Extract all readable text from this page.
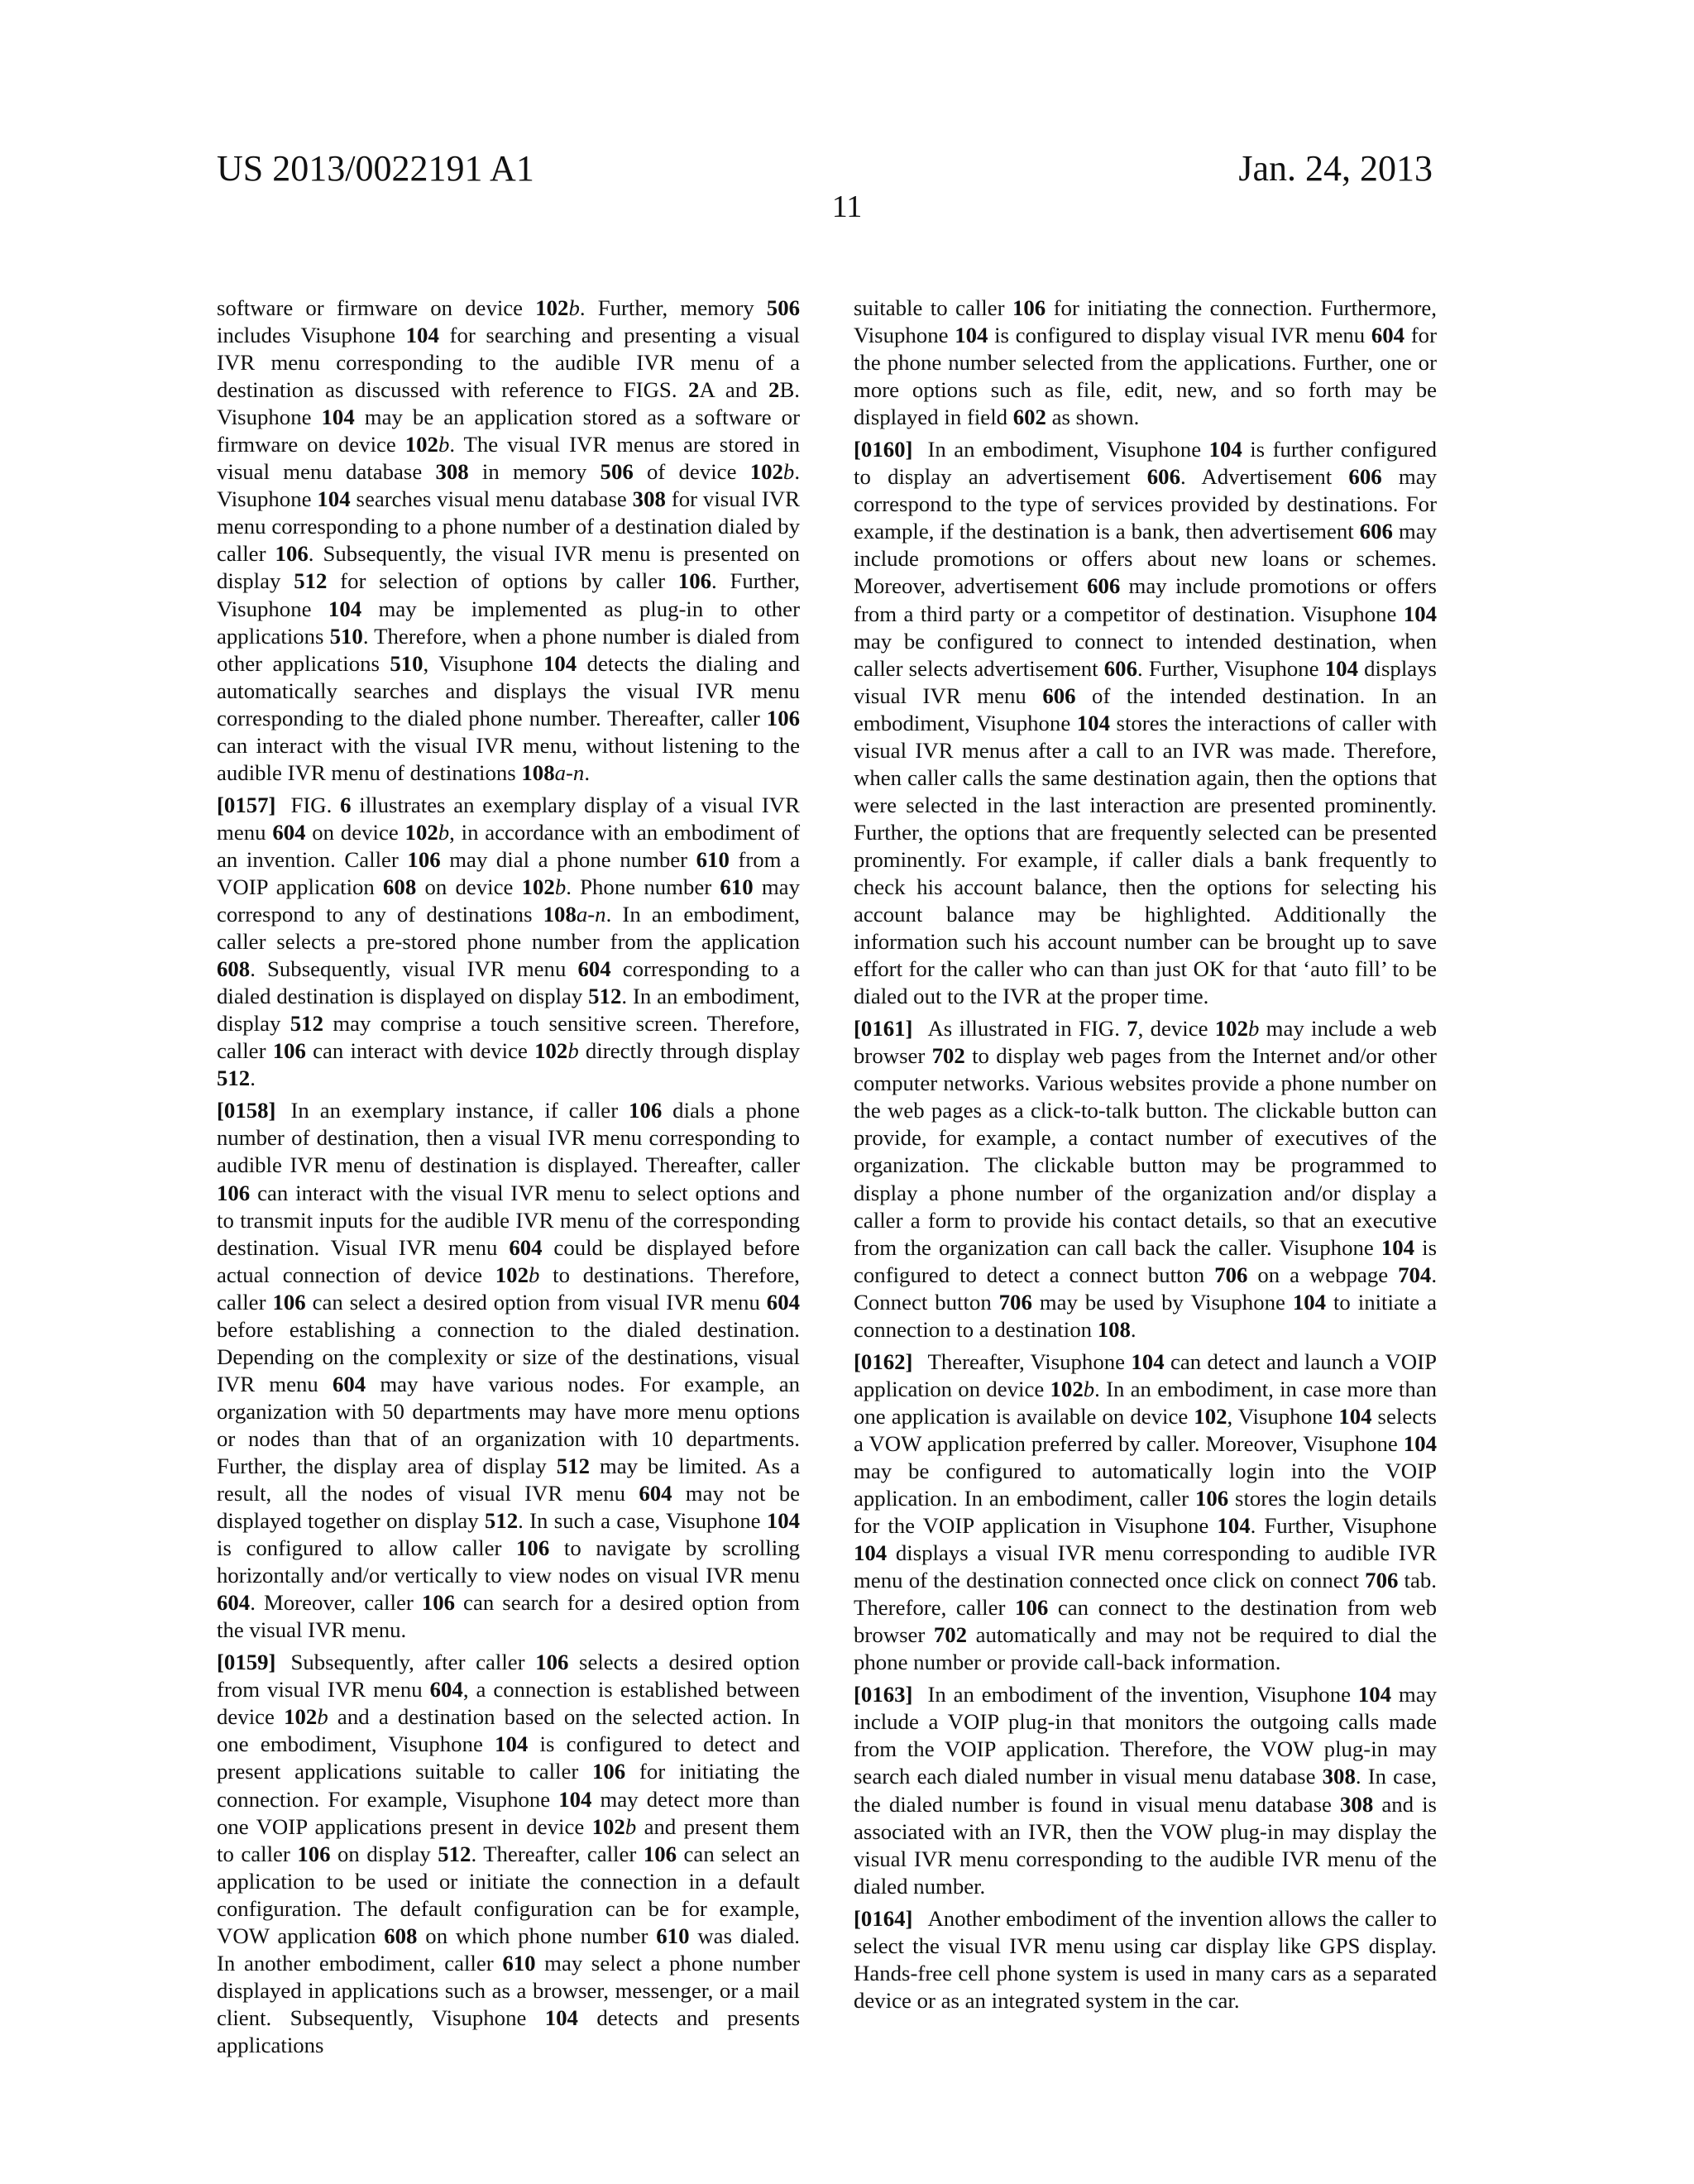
US 2013/0022191 A1	Jan. 24, 2013
11

software or firmware on device 102b. Further, memory 506 includes Visuphone 104 for searching and presenting a visual IVR menu corresponding to the audible IVR menu of a destination as discussed with reference to FIGS. 2A and 2B. Visuphone 104 may be an application stored as a software or firmware on device 102b. The visual IVR menus are stored in visual menu database 308 in memory 506 of device 102b. Visuphone 104 searches visual menu database 308 for visual IVR menu corresponding to a phone number of a destination dialed by caller 106. Subsequently, the visual IVR menu is presented on display 512 for selection of options by caller 106. Further, Visuphone 104 may be implemented as plug-in to other applications 510. Therefore, when a phone number is dialed from other applications 510, Visuphone 104 detects the dialing and automatically searches and displays the visual IVR menu corresponding to the dialed phone number. Thereafter, caller 106 can interact with the visual IVR menu, without listening to the audible IVR menu of destinations 108a-n.

[0157] FIG. 6 illustrates an exemplary display of a visual IVR menu 604 on device 102b, in accordance with an embodiment of an invention. Caller 106 may dial a phone number 610 from a VOIP application 608 on device 102b. Phone number 610 may correspond to any of destinations 108a-n. In an embodiment, caller selects a pre-stored phone number from the application 608. Subsequently, visual IVR menu 604 corresponding to a dialed destination is displayed on display 512. In an embodiment, display 512 may comprise a touch sensitive screen. Therefore, caller 106 can interact with device 102b directly through display 512.

[0158] In an exemplary instance, if caller 106 dials a phone number of destination, then a visual IVR menu corresponding to audible IVR menu of destination is displayed. Thereafter, caller 106 can interact with the visual IVR menu to select options and to transmit inputs for the audible IVR menu of the corresponding destination. Visual IVR menu 604 could be displayed before actual connection of device 102b to destinations. Therefore, caller 106 can select a desired option from visual IVR menu 604 before establishing a connection to the dialed destination. Depending on the complexity or size of the destinations, visual IVR menu 604 may have various nodes. For example, an organization with 50 departments may have more menu options or nodes than that of an organization with 10 departments. Further, the display area of display 512 may be limited. As a result, all the nodes of visual IVR menu 604 may not be displayed together on display 512. In such a case, Visuphone 104 is configured to allow caller 106 to navigate by scrolling horizontally and/or vertically to view nodes on visual IVR menu 604. Moreover, caller 106 can search for a desired option from the visual IVR menu.

[0159] Subsequently, after caller 106 selects a desired option from visual IVR menu 604, a connection is established between device 102b and a destination based on the selected action. In one embodiment, Visuphone 104 is configured to detect and present applications suitable to caller 106 for initiating the connection. For example, Visuphone 104 may detect more than one VOIP applications present in device 102b and present them to caller 106 on display 512. Thereafter, caller 106 can select an application to be used or initiate the connection in a default configuration. The default configuration can be for example, VOW application 608 on which phone number 610 was dialed. In another embodiment, caller 610 may select a phone number displayed in applications such as a browser, messenger, or a mail client. Subsequently, Visuphone 104 detects and presents applications

suitable to caller 106 for initiating the connection. Furthermore, Visuphone 104 is configured to display visual IVR menu 604 for the phone number selected from the applications. Further, one or more options such as file, edit, new, and so forth may be displayed in field 602 as shown.

[0160] In an embodiment, Visuphone 104 is further configured to display an advertisement 606. Advertisement 606 may correspond to the type of services provided by destinations. For example, if the destination is a bank, then advertisement 606 may include promotions or offers about new loans or schemes. Moreover, advertisement 606 may include promotions or offers from a third party or a competitor of destination. Visuphone 104 may be configured to connect to intended destination, when caller selects advertisement 606. Further, Visuphone 104 displays visual IVR menu 606 of the intended destination. In an embodiment, Visuphone 104 stores the interactions of caller with visual IVR menus after a call to an IVR was made. Therefore, when caller calls the same destination again, then the options that were selected in the last interaction are presented prominently. Further, the options that are frequently selected can be presented prominently. For example, if caller dials a bank frequently to check his account balance, then the options for selecting his account balance may be highlighted. Additionally the information such his account number can be brought up to save effort for the caller who can than just OK for that ‘auto fill’ to be dialed out to the IVR at the proper time.

[0161] As illustrated in FIG. 7, device 102b may include a web browser 702 to display web pages from the Internet and/or other computer networks. Various websites provide a phone number on the web pages as a click-to-talk button. The clickable button can provide, for example, a contact number of executives of the organization. The clickable button may be programmed to display a phone number of the organization and/or display a caller a form to provide his contact details, so that an executive from the organization can call back the caller. Visuphone 104 is configured to detect a connect button 706 on a webpage 704. Connect button 706 may be used by Visuphone 104 to initiate a connection to a destination 108.

[0162] Thereafter, Visuphone 104 can detect and launch a VOIP application on device 102b. In an embodiment, in case more than one application is available on device 102, Visuphone 104 selects a VOW application preferred by caller. Moreover, Visuphone 104 may be configured to automatically login into the VOIP application. In an embodiment, caller 106 stores the login details for the VOIP application in Visuphone 104. Further, Visuphone 104 displays a visual IVR menu corresponding to audible IVR menu of the destination connected once click on connect 706 tab. Therefore, caller 106 can connect to the destination from web browser 702 automatically and may not be required to dial the phone number or provide call-back information.

[0163] In an embodiment of the invention, Visuphone 104 may include a VOIP plug-in that monitors the outgoing calls made from the VOIP application. Therefore, the VOW plug-in may search each dialed number in visual menu database 308. In case, the dialed number is found in visual menu database 308 and is associated with an IVR, then the VOW plug-in may display the visual IVR menu corresponding to the audible IVR menu of the dialed number.

[0164] Another embodiment of the invention allows the caller to select the visual IVR menu using car display like GPS display. Hands-free cell phone system is used in many cars as a separated device or as an integrated system in the car.
